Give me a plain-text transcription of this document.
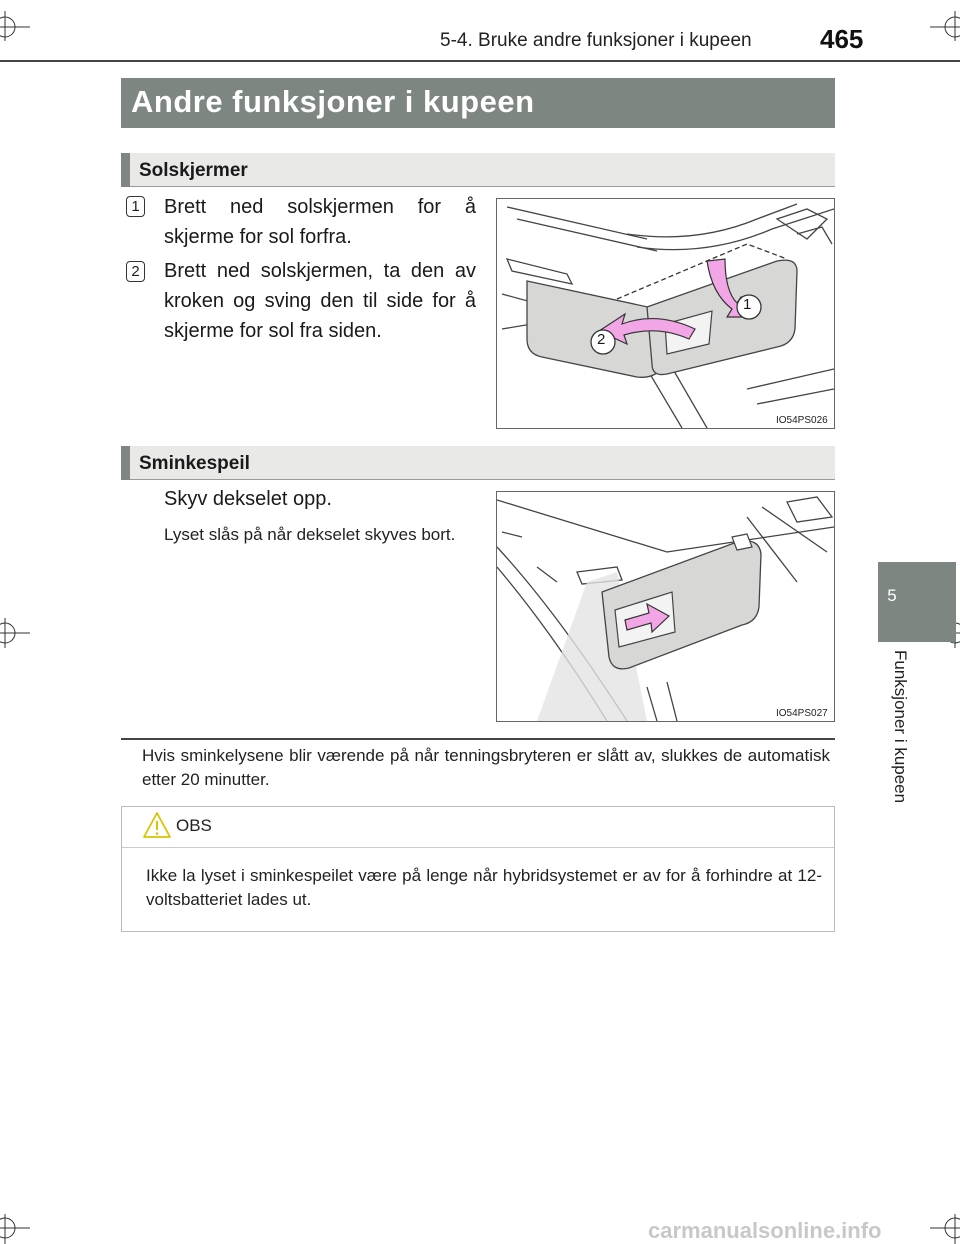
5-4. Bruke andre funksjoner i kupeen	465
Andre funksjoner i kupeen
5
Funksjoner i kupeen
Solskjermer
1 Brett ned solskjermen for å skjerme for sol forfra.
2 Brett ned solskjermen, ta den av kroken og sving den til side for å skjerme for sol fra siden.
1
2
IO54PS026
Sminkespeil
Skyv dekselet opp.
Lyset slås på når dekselet skyves bort.
IO54PS027
Hvis sminkelysene blir værende på når tenningsbryteren er slått av, slukkes de automatisk etter 20 minutter.
OBS
Ikke la lyset i sminkespeilet være på lenge når hybridsystemet er av for å forhindre at 12-voltsbatteriet lades ut.
carmanualsonline.info
